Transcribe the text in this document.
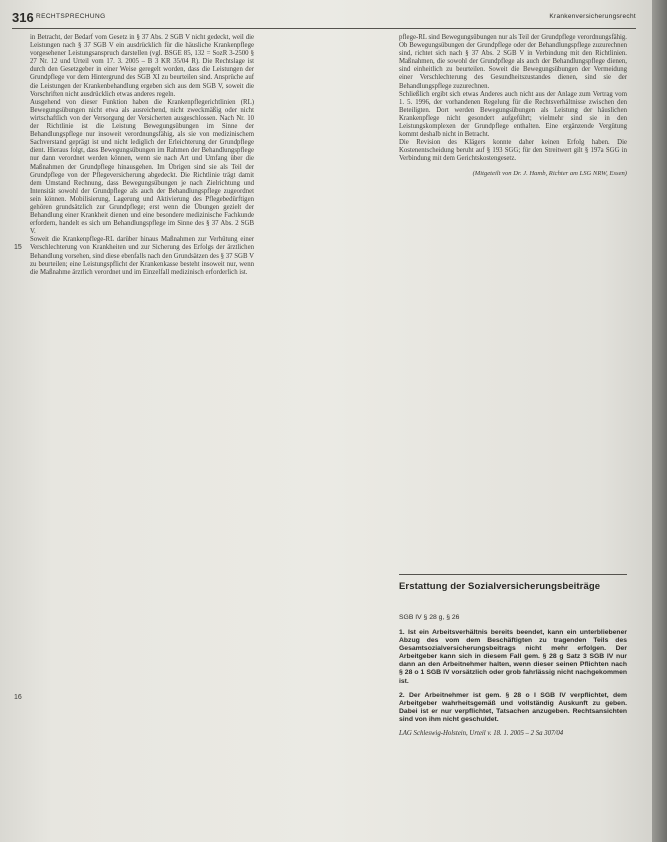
316 RECHTSPRECHUNG	Krankenversicherungsrecht
15
16

in Betracht, der Bedarf vom Gesetz in § 37 Abs. 2 SGB V nicht gedeckt, weil die Leistungen nach § 37 SGB V ein ausdrücklich für die häusliche Krankenpflege vorgesehener Leistungsanspruch darstellen (vgl. BSGE 85, 132 = SozR 3-2500 § 27 Nr. 12 und Urteil vom 17. 3. 2005 – B 3 KR 35/04 R). Die Rechtslage ist durch den Gesetzgeber in einer Weise geregelt worden, dass die Leistungen der Grundpflege vor dem Hintergrund des SGB XI zu beurteilen sind. Ansprüche auf die Leistungen der Krankenbehandlung ergeben sich aus dem SGB V, soweit die Vorschriften nicht ausdrücklich etwas anderes regeln.

Ausgehend von dieser Funktion haben die Krankenpflegerichtlinien (RL) Bewegungsübungen nicht etwa als ausreichend, nicht zweckmäßig oder nicht wirtschaftlich von der Versorgung der Versicherten ausgeschlossen. Nach Nr. 10 der Richtlinie ist die Leistung Bewegungsübungen im Sinne der Behandlungspflege nur insoweit verordnungsfähig, als sie von medizinischem Sachverstand geprägt ist und nicht lediglich der Erleichterung der Grundpflege dient. Hieraus folgt, dass Bewegungsübungen im Rahmen der Behandlungspflege nur dann verordnet werden können, wenn sie nach Art und Umfang über die Maßnahmen der Grundpflege hinausgehen. Im Übrigen sind sie als Teil der Grundpflege von der Pflegeversicherung abgedeckt. Die Richtlinie trägt damit dem Umstand Rechnung, dass Bewegungsübungen je nach Zielrichtung und Intensität sowohl der Grundpflege als auch der Behandlungspflege zugeordnet sein können. Mobilisierung, Lagerung und Aktivierung des Pflegebedürftigen gehören grundsätzlich zur Grundpflege; erst wenn die Übungen gezielt der Behandlung einer Krankheit dienen und eine besondere medizinische Fachkunde erfordern, handelt es sich um Behandlungspflege im Sinne des § 37 Abs. 2 SGB V.

Soweit die Krankenpflege-RL darüber hinaus Maßnahmen zur Verhütung einer Verschlechterung von Krankheiten und zur Sicherung des Erfolgs der ärztlichen Behandlung vorsehen, sind diese ebenfalls nach den Grundsätzen des § 37 SGB V zu beurteilen; eine Leistungspflicht der Krankenkasse besteht insoweit nur, wenn die Maßnahme ärztlich verordnet und im Einzelfall medizinisch erforderlich ist.

pflege-RL sind Bewegungsübungen nur als Teil der Grundpflege verordnungsfähig. Ob Bewegungsübungen der Grundpflege oder der Behandlungspflege zuzurechnen sind, richtet sich nach § 37 Abs. 2 SGB V in Verbindung mit den Richtlinien. Maßnahmen, die sowohl der Grundpflege als auch der Behandlungspflege dienen, sind einheitlich zu beurteilen. Soweit die Bewegungsübungen der Vermeidung einer Verschlechterung des Gesundheitszustandes dienen, sind sie der Behandlungspflege zuzurechnen.

Schließlich ergibt sich etwas Anderes auch nicht aus der Anlage zum Vertrag vom 1. 5. 1996, der vorhandenen Regelung für die Rechtsverhältnisse zwischen den Beteiligten. Dort werden Bewegungsübungen als Leistung der häuslichen Krankenpflege nicht gesondert aufgeführt; vielmehr sind sie in den Leistungskomplexen der Grundpflege enthalten. Eine ergänzende Vergütung kommt deshalb nicht in Betracht.

Die Revision des Klägers konnte daher keinen Erfolg haben. Die Kostenentscheidung beruht auf § 193 SGG; für den Streitwert gilt § 197a SGG in Verbindung mit dem Gerichtskostengesetz.

(Mitgeteilt von Dr. J. Hamb, Richter am LSG NRW, Essen)
Erstattung der Sozialversicherungsbeiträge
SGB IV § 28 g, § 26

1. Ist ein Arbeitsverhältnis bereits beendet, kann ein unterbliebener Abzug des vom dem Beschäftigten zu tragenden Teils des Gesamtsozialversicherungsbeitrags nicht mehr erfolgen. Der Arbeitgeber kann sich in diesem Fall gem. § 28 g Satz 3 SGB IV nur dann an den Arbeitnehmer halten, wenn dieser seinen Pflichten nach § 28 o 1 SGB IV vorsätzlich oder grob fahrlässig nicht nachgekommen ist.

2. Der Arbeitnehmer ist gem. § 28 o I SGB IV verpflichtet, dem Arbeitgeber wahrheitsgemäß und vollständig Auskunft zu geben. Dabei ist er nur verpflichtet, Tatsachen anzugeben. Rechtsansichten sind von ihm nicht geschuldet.

LAG Schleswig-Holstein, Urteil v. 18. 1. 2005 – 2 Sa 307/04
